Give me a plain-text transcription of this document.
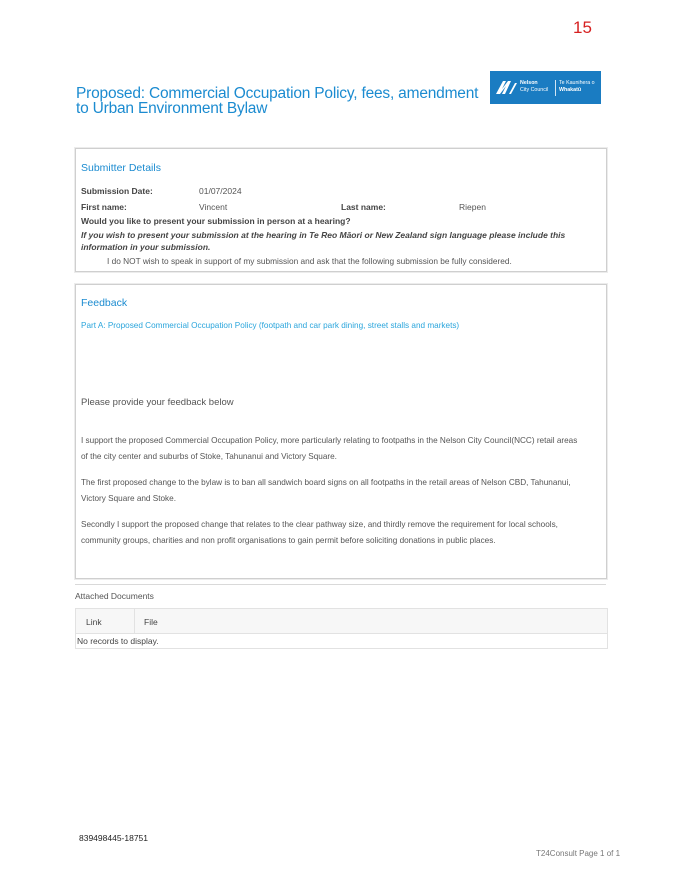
15
Proposed: Commercial Occupation Policy, fees, amendment to Urban Environment Bylaw
Nelson
City Council
Te Kaunihera o
Whakatū
Submitter Details
Submission Date:	01/07/2024
First name:	Vincent	Last name:	Riepen
Would you like to present your submission in person at a hearing?
If you wish to present your submission at the hearing in Te Reo Māori or New Zealand sign language please include this information in your submission.
I do NOT wish to speak in support of my submission and ask that the following submission be fully considered.
Feedback
Part A: Proposed Commercial Occupation Policy (footpath and car park dining, street stalls and markets)
Please provide your feedback below
I support the proposed Commercial Occupation Policy, more particularly relating to footpaths in the Nelson City Council(NCC) retail areas of the city center and suburbs of Stoke, Tahunanui and Victory Square.
The first proposed change to the bylaw is to ban all sandwich board signs on all footpaths in the retail areas of Nelson CBD, Tahunanui, Victory Square and Stoke.
Secondly I support the proposed change that relates to the clear pathway size, and thirdly remove the requirement for local schools, community groups, charities and non profit organisations to gain permit before soliciting donations in public places.
Attached Documents
Link	File
No records to display.
839498445-18751
T24Consult Page 1 of 1
